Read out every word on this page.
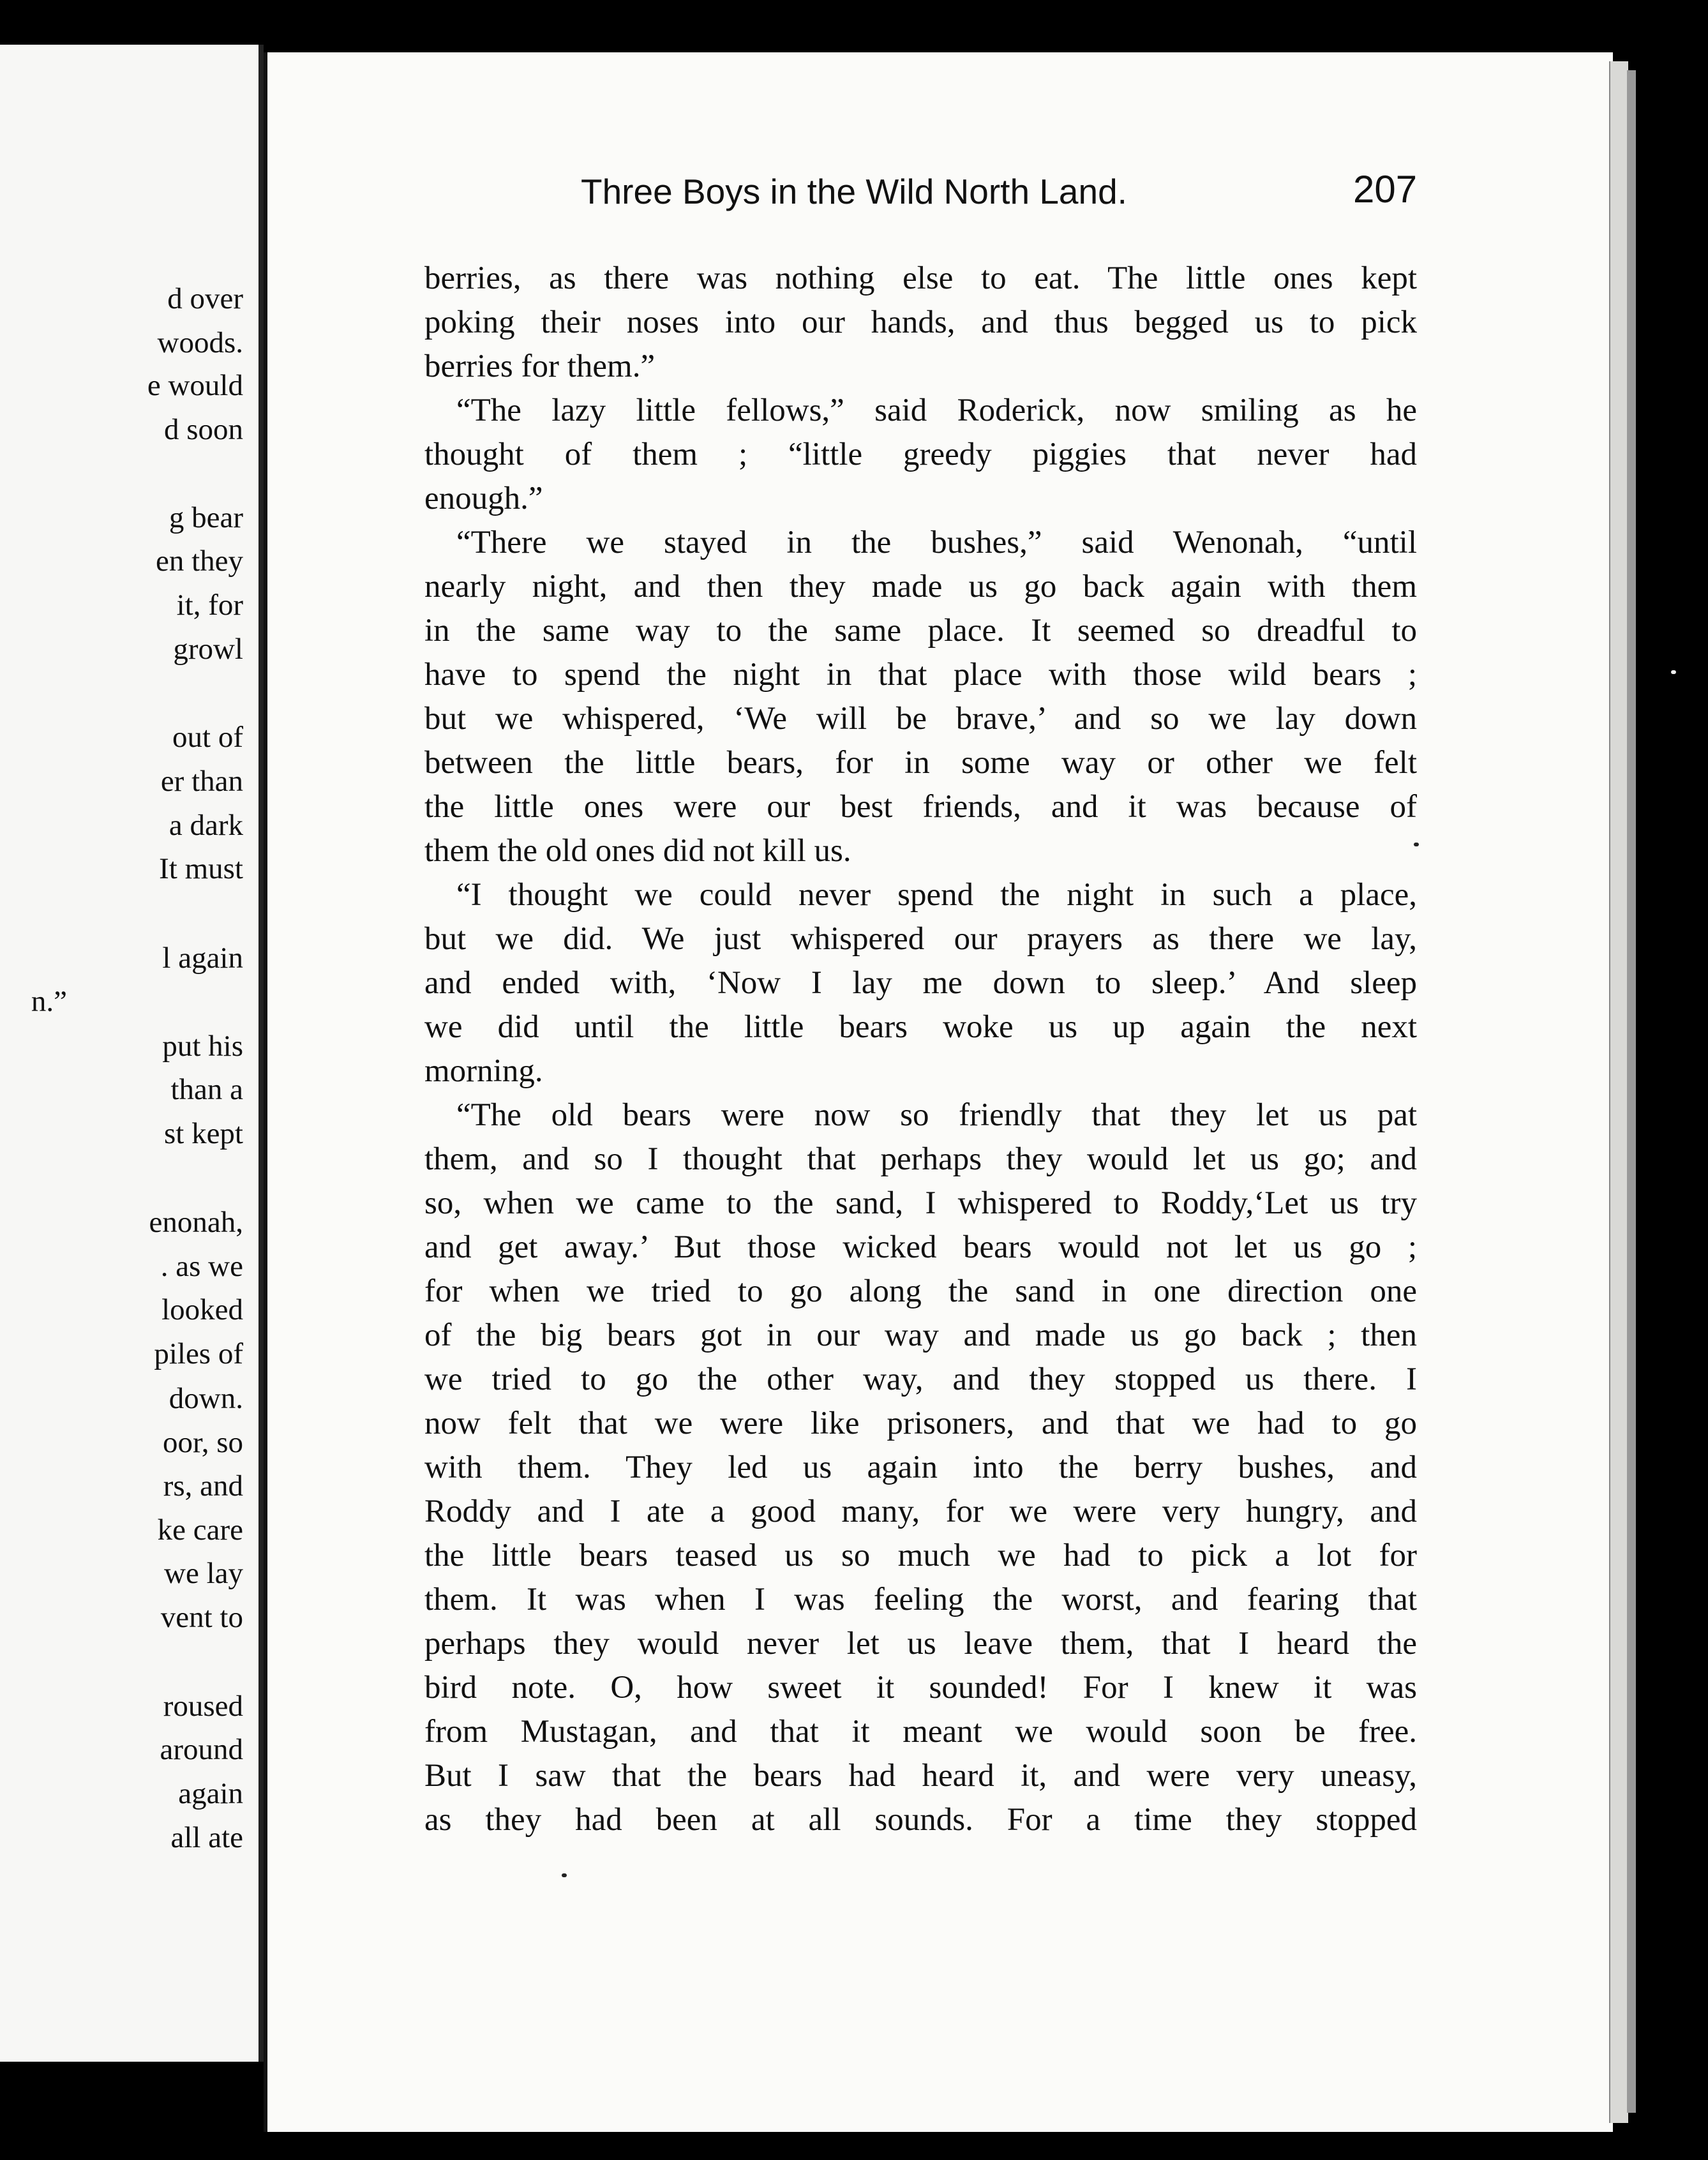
d over
woods.
e would
d soon
g bear
en they
it, for
growl
out of
er than
a dark
It must
l again
n.”
put his
than a
st kept
enonah,
. as we
looked
piles of
down.
oor, so
rs, and
ke care
we lay
vent to
roused
around
again
all ate
Three Boys in the Wild North Land.	207
berries, as there was nothing else to eat. The little ones kept
poking their noses into our hands, and thus begged us to pick
berries for them.”
“The lazy little fellows,” said Roderick, now smiling as he
thought of them ; “little greedy piggies that never had
enough.”
“There we stayed in the bushes,” said Wenonah, “until
nearly night, and then they made us go back again with them
in the same way to the same place. It seemed so dreadful to
have to spend the night in that place with those wild bears ;
but we whispered, ‘We will be brave,’ and so we lay down
between the little bears, for in some way or other we felt
the little ones were our best friends, and it was because of
them the old ones did not kill us.
“I thought we could never spend the night in such a place,
but we did. We just whispered our prayers as there we lay,
and ended with, ‘Now I lay me down to sleep.’ And sleep
we did until the little bears woke us up again the next
morning.
“The old bears were now so friendly that they let us pat
them, and so I thought that perhaps they would let us go; and
so, when we came to the sand, I whispered to Roddy,‘Let us try
and get away.’ But those wicked bears would not let us go ;
for when we tried to go along the sand in one direction one
of the big bears got in our way and made us go back ; then
we tried to go the other way, and they stopped us there. I
now felt that we were like prisoners, and that we had to go
with them. They led us again into the berry bushes, and
Roddy and I ate a good many, for we were very hungry, and
the little bears teased us so much we had to pick a lot for
them. It was when I was feeling the worst, and fearing that
perhaps they would never let us leave them, that I heard the
bird note. O, how sweet it sounded! For I knew it was
from Mustagan, and that it meant we would soon be free.
But I saw that the bears had heard it, and were very uneasy,
as they had been at all sounds. For a time they stopped
